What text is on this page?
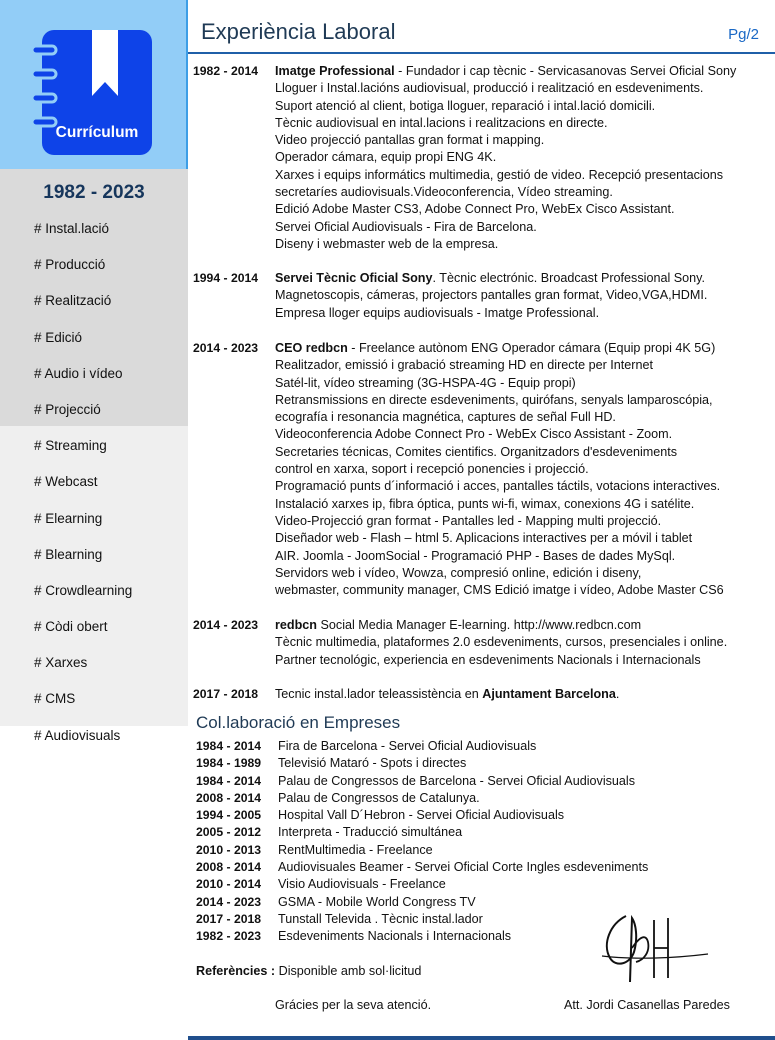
Currículum
1982 - 2023
# Instal.lació
# Producció
# Realització
# Edició
# Audio i vídeo
# Projecció
# Streaming
# Webcast
# Elearning
# Blearning
# Crowdlearning
# Còdi obert
# Xarxes
# CMS
# Audiovisuals
Experiència Laboral	Pg/2
1982 - 2014 Imatge Professional - Fundador i cap tècnic - Servicasanovas Servei Oficial Sony
Lloguer i Instal.lacións audiovisual, producció i realització en esdeveniments.
Suport atenció al client, botiga lloguer, reparació i intal.lació domicili.
Tècnic audiovisual en intal.lacions i realitzacions en directe.
Video projecció pantallas gran format i mapping.
Operador cámara, equip propi ENG 4K.
Xarxes i equips informátics multimedia, gestió de video. Recepció presentacions
secretaríes audiovisuals.Videoconferencia, Vídeo streaming.
Edició Adobe Master CS3, Adobe Connect Pro, WebEx Cisco Assistant.
Servei Oficial Audiovisuals - Fira de Barcelona.
Diseny i webmaster web de la empresa.
1994 - 2014 Servei Tècnic Oficial Sony. Tècnic electrónic. Broadcast Professional Sony.
Magnetoscopis, cámeras, projectors pantalles gran format, Video,VGA,HDMI.
Empresa lloger equips audiovisuals - Imatge Professional.
2014 - 2023 CEO redbcn - Freelance autònom ENG Operador cámara (Equip propi 4K 5G)
Realitzador, emissió i grabació streaming HD en directe per Internet
Satél-lit, vídeo streaming (3G-HSPA-4G - Equip propi)
Retransmissions en directe esdeveniments, quirófans, senyals lamparoscópia,
ecografía i resonancia magnética, captures de señal Full HD.
Videoconferencia Adobe Connect Pro - WebEx Cisco Assistant - Zoom.
Secretaries técnicas, Comites cientifics. Organitzadors d'esdeveniments
control en xarxa, soport i recepció ponencies i projecció.
Programació punts d´informació i acces, pantalles táctils, votacions interactives.
Instalació xarxes ip, fibra óptica, punts wi-fi, wimax, conexions 4G i satélite.
Video-Projecció gran format - Pantalles led - Mapping multi projecció.
Diseñador web - Flash – html 5. Aplicacions interactives per a móvil i tablet
AIR. Joomla - JoomSocial - Programació PHP - Bases de dades MySql.
Servidors web i vídeo, Wowza, compresió online, edición i diseny,
webmaster, community manager, CMS Edició imatge i vídeo, Adobe Master CS6
2014 - 2023 redbcn Social Media Manager E-learning. http://www.redbcn.com
Tècnic multimedia, plataformes 2.0 esdeveniments, cursos, presenciales i online.
Partner tecnológic, experiencia en esdeveniments Nacionals i Internacionals
2017 - 2018 Tecnic instal.lador teleassistència en Ajuntament Barcelona.
Col.laboració en Empreses
1984 - 2014 Fira de Barcelona - Servei Oficial Audiovisuals
1984 - 1989 Televisió Mataró - Spots i directes
1984 - 2014 Palau de Congressos de Barcelona - Servei Oficial Audiovisuals
2008 - 2014 Palau de Congressos de Catalunya.
1994 - 2005 Hospital Vall D´Hebron - Servei Oficial Audiovisuals
2005 - 2012 Interpreta - Traducció simultánea
2010 - 2013 RentMultimedia - Freelance
2008 - 2014 Audiovisuales Beamer - Servei Oficial Corte Ingles esdeveniments
2010 - 2014 Visio Audiovisuals - Freelance
2014 - 2023 GSMA - Mobile World Congress TV
2017 - 2018 Tunstall Televida . Tècnic instal.lador
1982 - 2023 Esdeveniments Nacionals i Internacionals
Referències : Disponible amb sol·licitud
Grácies per la seva atenció.	Att. Jordi Casanellas Paredes
